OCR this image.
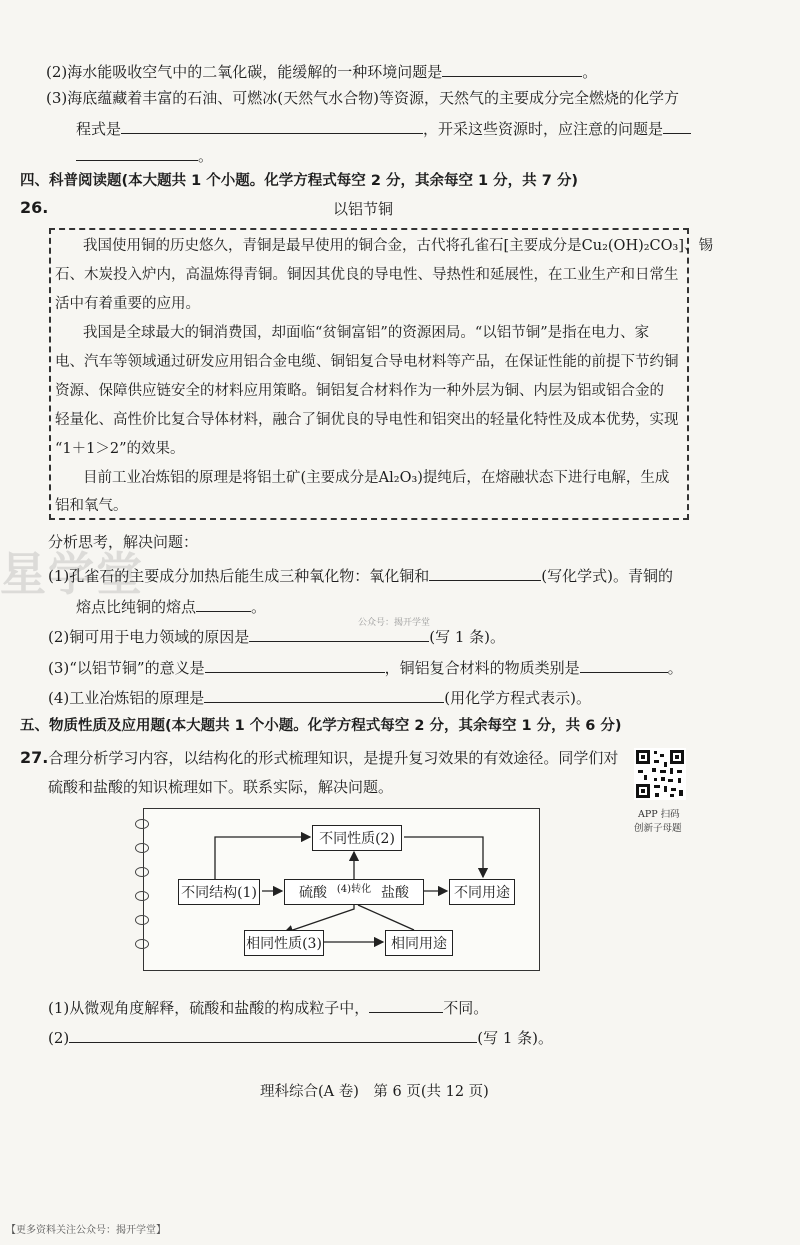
(2)海水能吸收空气中的二氧化碳，能缓解的一种环境问题是	。
(3)海底蕴藏着丰富的石油、可燃冰(天然气水合物)等资源，天然气的主要成分完全燃烧的化学方
程式是	，开采这些资源时，应注意的问题是
。
四、科普阅读题(本大题共 1 个小题。化学方程式每空 2 分，其余每空 1 分，共 7 分)
26.	以铝节铜
我国使用铜的历史悠久，青铜是最早使用的铜合金，古代将孔雀石[主要成分是Cu₂(OH)₂CO₃]、锡
石、木炭投入炉内，高温炼得青铜。铜因其优良的导电性、导热性和延展性，在工业生产和日常生
活中有着重要的应用。
我国是全球最大的铜消费国，却面临“贫铜富铝”的资源困局。“以铝节铜”是指在电力、家
电、汽车等领域通过研发应用铝合金电缆、铜铝复合导电材料等产品，在保证性能的前提下节约铜
资源、保障供应链安全的材料应用策略。铜铝复合材料作为一种外层为铜、内层为铝或铝合金的
轻量化、高性价比复合导体材料，融合了铜优良的导电性和铝突出的轻量化特性及成本优势，实现
“1＋1＞2”的效果。
目前工业冶炼铝的原理是将铝土矿(主要成分是Al₂O₃)提纯后，在熔融状态下进行电解，生成
铝和氧气。
星学堂
分析思考，解决问题：
(1)孔雀石的主要成分加热后能生成三种氧化物：氧化铜和	(写化学式)。青铜的
熔点比纯铜的熔点	。
(2)铜可用于电力领域的原因是	(写 1 条)。
公众号：揭开学堂
(3)“以铝节铜”的意义是	，铜铝复合材料的物质类别是	。
(4)工业冶炼铝的原理是	(用化学方程式表示)。
五、物质性质及应用题(本大题共 1 个小题。化学方程式每空 2 分，其余每空 1 分，共 6 分)
27.合理分析学习内容，以结构化的形式梳理知识，是提升复习效果的有效途径。同学们对
硫酸和盐酸的知识梳理如下。联系实际，解决问题。
APP 扫码
创新子母题
不同性质(2)
不同结构(1)	硫酸 (4)转化 盐酸	不同用途
相同性质(3)	相同用途
(1)从微观角度解释，硫酸和盐酸的构成粒子中，	不同。
(2)	(写 1 条)。
理科综合(A 卷)　第 6 页(共 12 页)
【更多资料关注公众号：揭开学堂】
